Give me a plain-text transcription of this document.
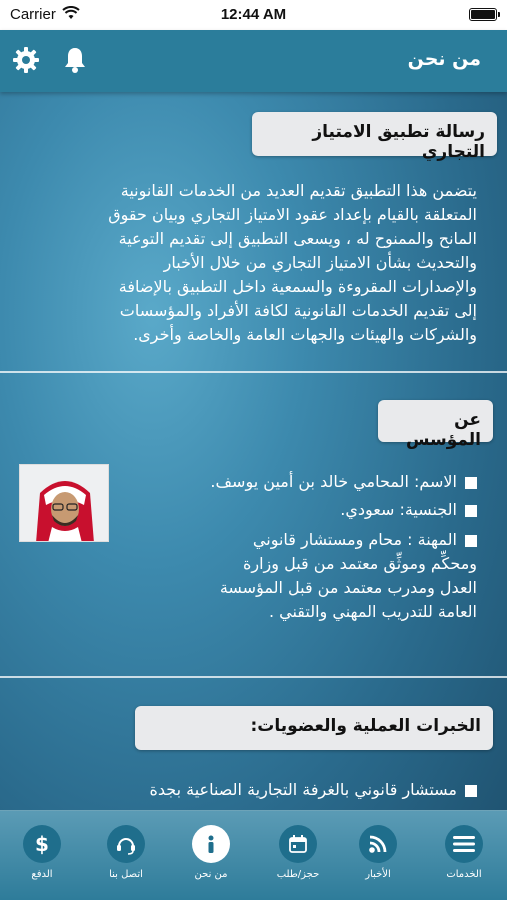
Carrier	12:44 AM
من نحن
رسالة تطبيق الامتياز التجاري
يتضمن هذا التطبيق تقديم العديد من الخدمات القانونية
المتعلقة بالقيام بإعداد عقود الامتياز التجاري وبيان حقوق
المانح والممنوح له ، ويسعى التطبيق إلى تقديم التوعية
والتحديث بشأن الامتياز التجاري من خلال الأخبار
والإصدارات المقروءة والسمعية داخل التطبيق بالإضافة
إلى تقديم الخدمات القانونية لكافة الأفراد والمؤسسات
والشركات والهيئات والجهات العامة والخاصة وأخرى.
عن المؤسس
الاسم: المحامي خالد بن أمين يوسف.
الجنسية: سعودي.
المهنة : محام ومستشار قانوني
ومحكِّم وموثِّق معتمد من قبل وزارة
العدل ومدرب معتمد من قبل المؤسسة
العامة للتدريب المهني والتقني .
الخبرات العملية والعضويات:
مستشار قانوني بالغرفة التجارية الصناعية بجدة
الخدمات
الأخبار
حجز/طلب
من نحن
اتصل بنا
$
الدفع
